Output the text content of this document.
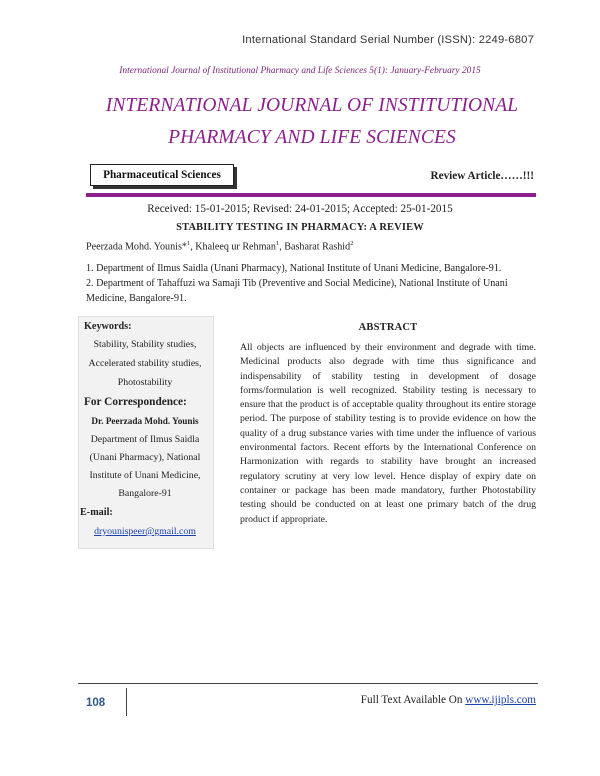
International Standard Serial Number (ISSN): 2249-6807
International Journal of Institutional Pharmacy and Life Sciences 5(1): January-February 2015
INTERNATIONAL JOURNAL OF INSTITUTIONAL
PHARMACY AND LIFE SCIENCES
Pharmaceutical Sciences	Review Article……!!!
Received: 15-01-2015; Revised: 24-01-2015; Accepted: 25-01-2015
STABILITY TESTING IN PHARMACY: A REVIEW
Peerzada Mohd. Younis*$^1$, Khaleeq ur Rehman$^1$, Basharat Rashid$^2$
1. Department of Ilmus Saidla (Unani Pharmacy), National Institute of Unani Medicine, Bangalore-91.
2. Department of Tahaffuzi wa Samaji Tib (Preventive and Social Medicine), National Institute of Unani Medicine, Bangalore-91.
Keywords:
Stability, Stability studies,
Accelerated stability studies,
Photostability
For Correspondence:
Dr. Peerzada Mohd. Younis
Department of Ilmus Saidla
(Unani Pharmacy), National
Institute of Unani Medicine,
Bangalore-91
E-mail:
dryounispeer@gmail.com
ABSTRACT
All objects are influenced by their environment and degrade with time. Medicinal products also degrade with time thus significance and indispensability of stability testing in development of dosage forms/formulation is well recognized. Stability testing is necessary to ensure that the product is of acceptable quality throughout its entire storage period. The purpose of stability testing is to provide evidence on how the quality of a drug substance varies with time under the influence of various environmental factors. Recent efforts by the International Conference on Harmonization with regards to stability have brought an increased regulatory scrutiny at very low level. Hence display of expiry date on container or package has been made mandatory, further Photostability testing should be conducted on at least one primary batch of the drug product if appropriate.
108	Full Text Available On www.ijipls.com
